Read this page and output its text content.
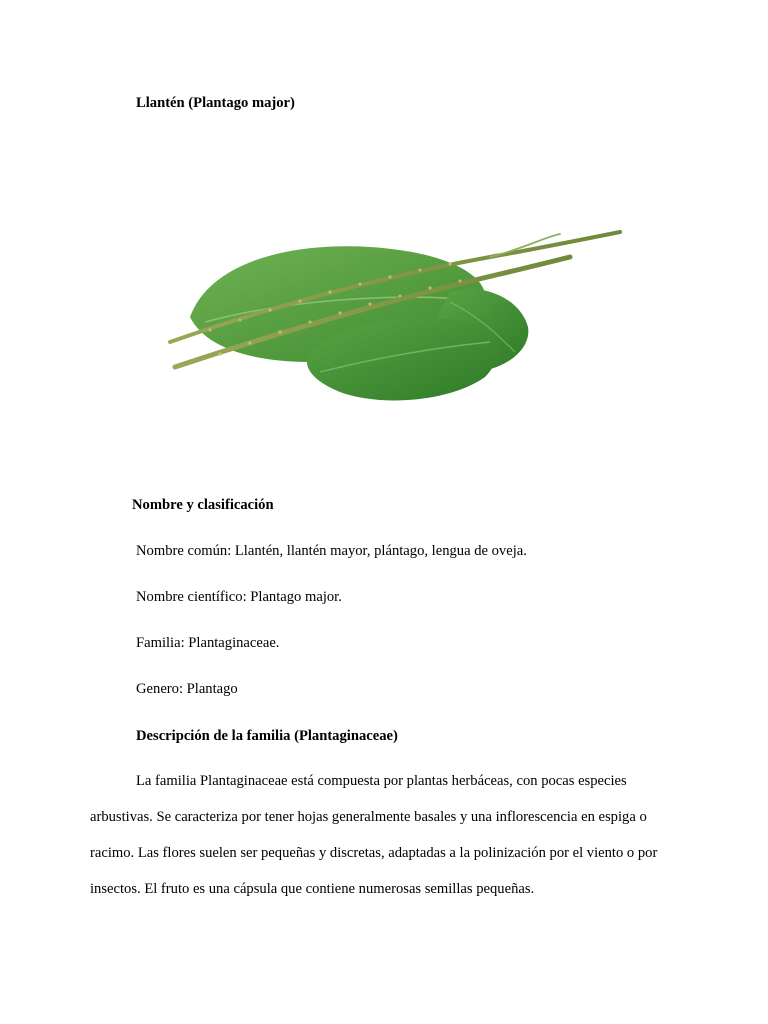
Llantén (Plantago major)
Nombre y clasificación
Nombre común: Llantén, llantén mayor, plántago, lengua de oveja.
Nombre científico: Plantago major.
Familia: Plantaginaceae.
Genero: Plantago
Descripción de la familia (Plantaginaceae)
La familia Plantaginaceae está compuesta por plantas herbáceas, con pocas especies
arbustivas. Se caracteriza por tener hojas generalmente basales y una inflorescencia en espiga o
racimo. Las flores suelen ser pequeñas y discretas, adaptadas a la polinización por el viento o por
insectos. El fruto es una cápsula que contiene numerosas semillas pequeñas.
